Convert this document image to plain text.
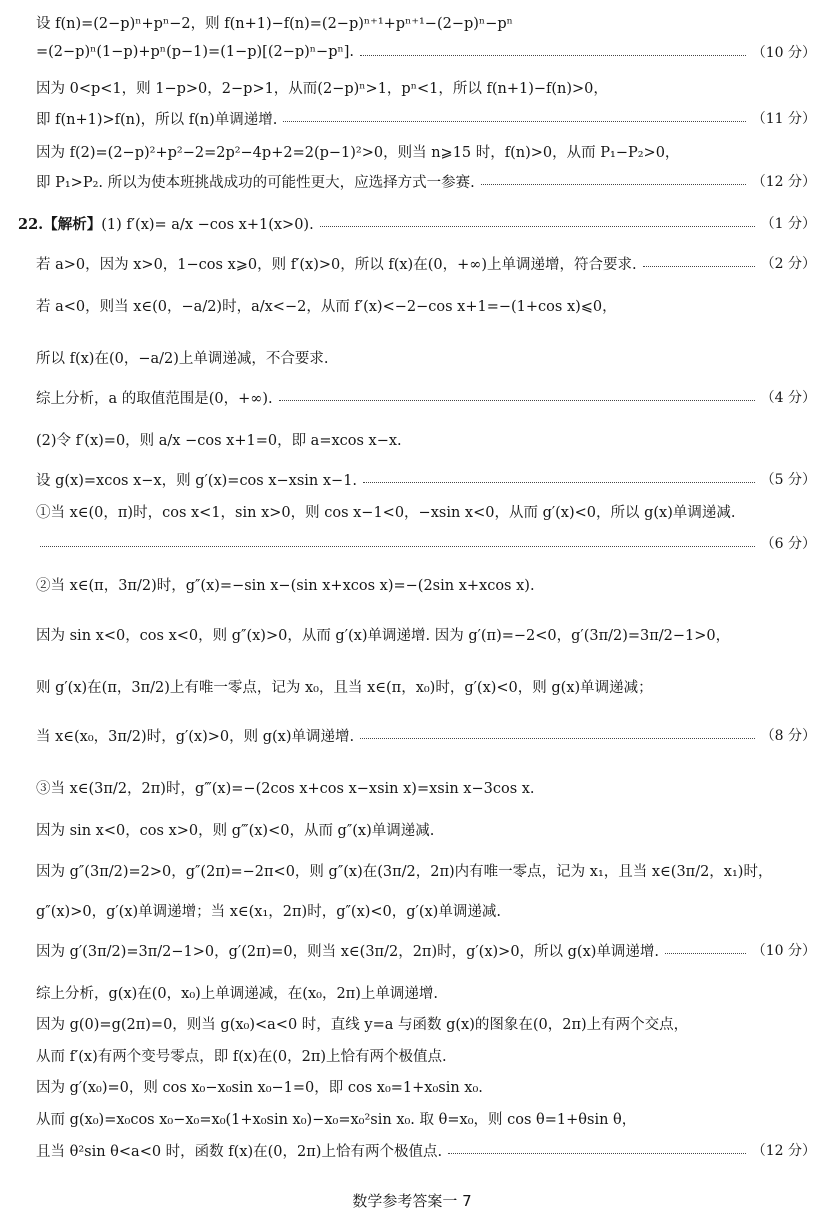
设 f(n)=(2−p)ⁿ+pⁿ−2，则 f(n+1)−f(n)=(2−p)ⁿ⁺¹+pⁿ⁺¹−(2−p)ⁿ−pⁿ
=(2−p)ⁿ(1−p)+pⁿ(p−1)=(1−p)[(2−p)ⁿ−pⁿ].	（10 分）
因为 0<p<1，则 1−p>0，2−p>1，从而(2−p)ⁿ>1，pⁿ<1，所以 f(n+1)−f(n)>0，
即 f(n+1)>f(n)，所以 f(n)单调递增.	（11 分）
因为 f(2)=(2−p)²+p²−2=2p²−4p+2=2(p−1)²>0，则当 n⩾15 时，f(n)>0，从而 P₁−P₂>0，
即 P₁>P₂. 所以为使本班挑战成功的可能性更大，应选择方式一参赛.	（12 分）
22.【解析】(1) f′(x)= a/x −cos x+1(x>0).	（1 分）
若 a>0，因为 x>0，1−cos x⩾0，则 f′(x)>0，所以 f(x)在(0，+∞)上单调递增，符合要求.	（2 分）
若 a<0，则当 x∈(0，−a/2)时，a/x<−2，从而 f′(x)<−2−cos x+1=−(1+cos x)⩽0，
所以 f(x)在(0，−a/2)上单调递减，不合要求.
综上分析，a 的取值范围是(0，+∞).	（4 分）
(2)令 f′(x)=0，则 a/x −cos x+1=0，即 a=xcos x−x.
设 g(x)=xcos x−x，则 g′(x)=cos x−xsin x−1.	（5 分）
①当 x∈(0，π)时，cos x<1，sin x>0，则 cos x−1<0，−xsin x<0，从而 g′(x)<0，所以 g(x)单调递减.
（6 分）
②当 x∈(π，3π/2)时，g″(x)=−sin x−(sin x+xcos x)=−(2sin x+xcos x).
因为 sin x<0，cos x<0，则 g″(x)>0，从而 g′(x)单调递增. 因为 g′(π)=−2<0，g′(3π/2)=3π/2−1>0，
则 g′(x)在(π，3π/2)上有唯一零点，记为 x₀，且当 x∈(π，x₀)时，g′(x)<0，则 g(x)单调递减；
当 x∈(x₀，3π/2)时，g′(x)>0，则 g(x)单调递增.	（8 分）
③当 x∈(3π/2，2π)时，g‴(x)=−(2cos x+cos x−xsin x)=xsin x−3cos x.
因为 sin x<0，cos x>0，则 g‴(x)<0，从而 g″(x)单调递减.
因为 g″(3π/2)=2>0，g″(2π)=−2π<0，则 g″(x)在(3π/2，2π)内有唯一零点，记为 x₁，且当 x∈(3π/2，x₁)时，
g″(x)>0，g′(x)单调递增；当 x∈(x₁，2π)时，g″(x)<0，g′(x)单调递减.
因为 g′(3π/2)=3π/2−1>0，g′(2π)=0，则当 x∈(3π/2，2π)时，g′(x)>0，所以 g(x)单调递增.	（10 分）
综上分析，g(x)在(0，x₀)上单调递减，在(x₀，2π)上单调递增.
因为 g(0)=g(2π)=0，则当 g(x₀)<a<0 时，直线 y=a 与函数 g(x)的图象在(0，2π)上有两个交点，
从而 f′(x)有两个变号零点，即 f(x)在(0，2π)上恰有两个极值点.
因为 g′(x₀)=0，则 cos x₀−x₀sin x₀−1=0，即 cos x₀=1+x₀sin x₀.
从而 g(x₀)=x₀cos x₀−x₀=x₀(1+x₀sin x₀)−x₀=x₀²sin x₀. 取 θ=x₀，则 cos θ=1+θsin θ，
且当 θ²sin θ<a<0 时，函数 f(x)在(0，2π)上恰有两个极值点.	（12 分）
数学参考答案一 7
